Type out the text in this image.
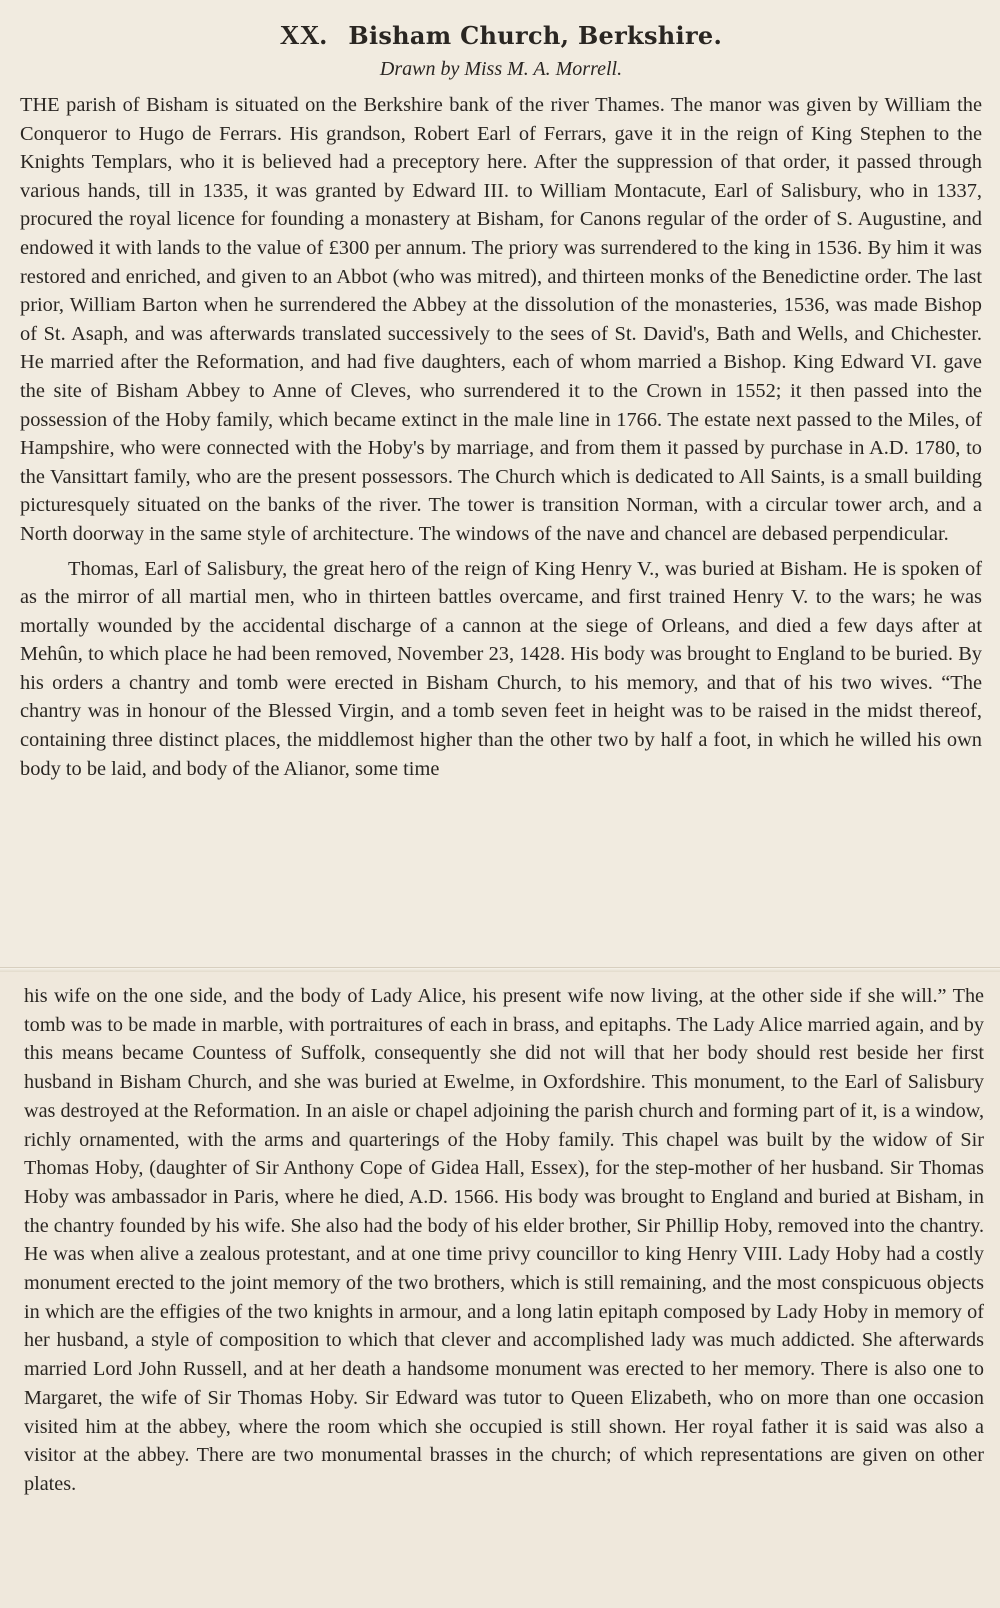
XX. Bisham Church, Berkshire.
Drawn by Miss M. A. Morrell.

THE parish of Bisham is situated on the Berkshire bank of the river Thames. The manor was given by William the Conqueror to Hugo de Ferrars. His grandson, Robert Earl of Ferrars, gave it in the reign of King Stephen to the Knights Templars, who it is believed had a preceptory here. After the suppression of that order, it passed through various hands, till in 1335, it was granted by Edward III. to William Montacute, Earl of Salisbury, who in 1337, procured the royal licence for founding a monastery at Bisham, for Canons regular of the order of S. Augustine, and endowed it with lands to the value of £300 per annum. The priory was surrendered to the king in 1536. By him it was restored and enriched, and given to an Abbot (who was mitred), and thirteen monks of the Benedictine order. The last prior, William Barton when he surrendered the Abbey at the dissolution of the monasteries, 1536, was made Bishop of St. Asaph, and was afterwards translated successively to the sees of St. David's, Bath and Wells, and Chichester. He married after the Reformation, and had five daughters, each of whom married a Bishop. King Edward VI. gave the site of Bisham Abbey to Anne of Cleves, who surrendered it to the Crown in 1552; it then passed into the possession of the Hoby family, which became extinct in the male line in 1766. The estate next passed to the Miles, of Hampshire, who were connected with the Hoby's by marriage, and from them it passed by purchase in A.D. 1780, to the Vansittart family, who are the present possessors. The Church which is dedicated to All Saints, is a small building picturesquely situated on the banks of the river. The tower is transition Norman, with a circular tower arch, and a North doorway in the same style of architecture. The windows of the nave and chancel are debased perpendicular.

Thomas, Earl of Salisbury, the great hero of the reign of King Henry V., was buried at Bisham. He is spoken of as the mirror of all martial men, who in thirteen battles overcame, and first trained Henry V. to the wars; he was mortally wounded by the accidental discharge of a cannon at the siege of Orleans, and died a few days after at Mehûn, to which place he had been removed, November 23, 1428. His body was brought to England to be buried. By his orders a chantry and tomb were erected in Bisham Church, to his memory, and that of his two wives. “The chantry was in honour of the Blessed Virgin, and a tomb seven feet in height was to be raised in the midst thereof, containing three distinct places, the middlemost higher than the other two by half a foot, in which he willed his own body to be laid, and body of the Alianor, some time

his wife on the one side, and the body of Lady Alice, his present wife now living, at the other side if she will.” The tomb was to be made in marble, with portraitures of each in brass, and epitaphs. The Lady Alice married again, and by this means became Countess of Suffolk, consequently she did not will that her body should rest beside her first husband in Bisham Church, and she was buried at Ewelme, in Oxfordshire. This monument, to the Earl of Salisbury was destroyed at the Reformation. In an aisle or chapel adjoining the parish church and forming part of it, is a window, richly ornamented, with the arms and quarterings of the Hoby family. This chapel was built by the widow of Sir Thomas Hoby, (daughter of Sir Anthony Cope of Gidea Hall, Essex), for the step-mother of her husband. Sir Thomas Hoby was ambassador in Paris, where he died, A.D. 1566. His body was brought to England and buried at Bisham, in the chantry founded by his wife. She also had the body of his elder brother, Sir Phillip Hoby, removed into the chantry. He was when alive a zealous protestant, and at one time privy councillor to king Henry VIII. Lady Hoby had a costly monument erected to the joint memory of the two brothers, which is still remaining, and the most conspicuous objects in which are the effigies of the two knights in armour, and a long latin epitaph composed by Lady Hoby in memory of her husband, a style of composition to which that clever and accomplished lady was much addicted. She afterwards married Lord John Russell, and at her death a handsome monument was erected to her memory. There is also one to Margaret, the wife of Sir Thomas Hoby. Sir Edward was tutor to Queen Elizabeth, who on more than one occasion visited him at the abbey, where the room which she occupied is still shown. Her royal father it is said was also a visitor at the abbey. There are two monumental brasses in the church; of which representations are given on other plates.
